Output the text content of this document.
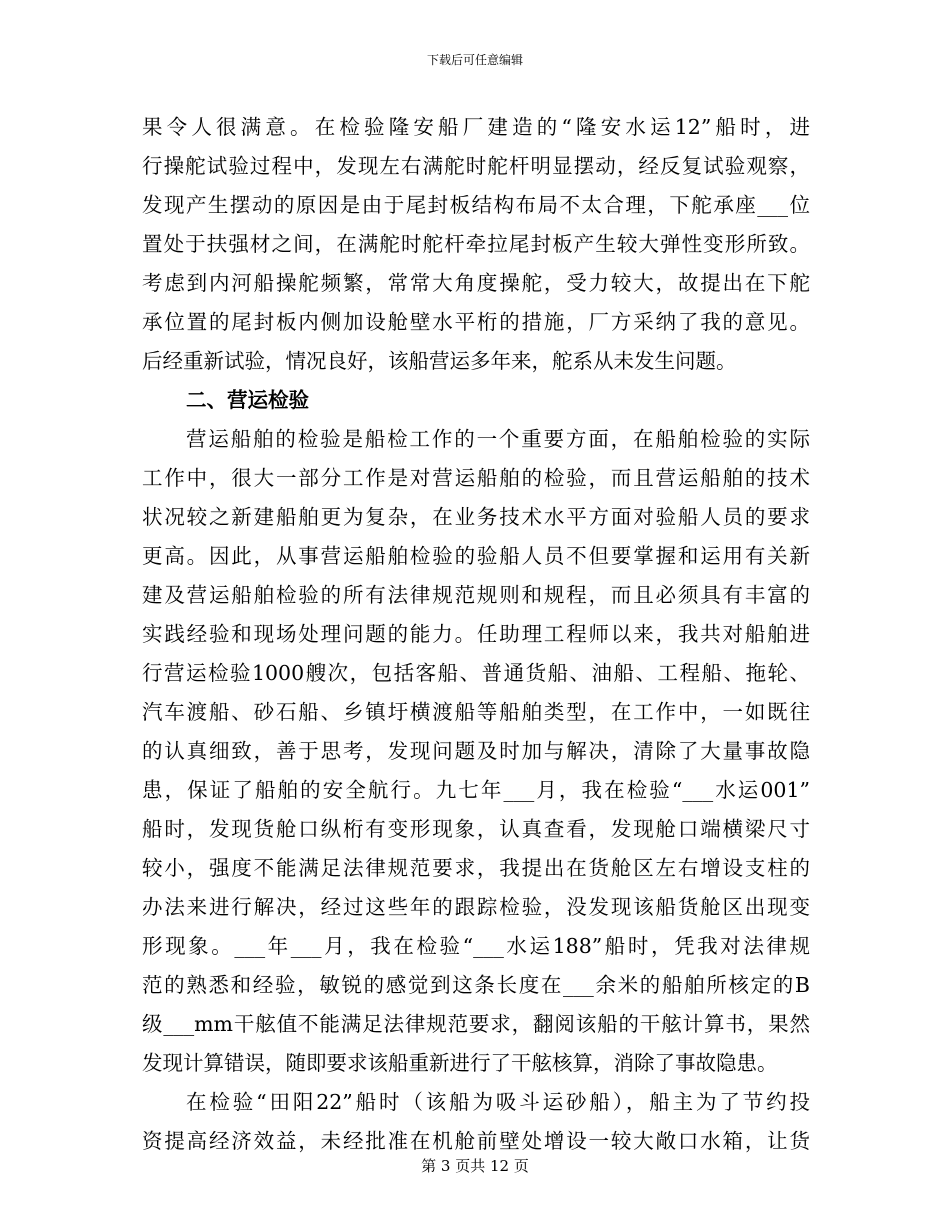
下载后可任意编辑
果令人很满意。在检验隆安船厂建造的“隆安水运12”船时，进
行操舵试验过程中，发现左右满舵时舵杆明显摆动，经反复试验观察，
发现产生摆动的原因是由于尾封板结构布局不太合理，下舵承座___位
置处于扶强材之间，在满舵时舵杆牵拉尾封板产生较大弹性变形所致。
考虑到内河船操舵频繁，常常大角度操舵，受力较大，故提出在下舵
承位置的尾封板内侧加设舱壁水平桁的措施，厂方采纳了我的意见。
后经重新试验，情况良好，该船营运多年来，舵系从未发生问题。
二、营运检验
营运船舶的检验是船检工作的一个重要方面，在船舶检验的实际
工作中，很大一部分工作是对营运船舶的检验，而且营运船舶的技术
状况较之新建船舶更为复杂，在业务技术水平方面对验船人员的要求
更高。因此，从事营运船舶检验的验船人员不但要掌握和运用有关新
建及营运船舶检验的所有法律规范规则和规程，而且必须具有丰富的
实践经验和现场处理问题的能力。任助理工程师以来，我共对船舶进
行营运检验1000艘次，包括客船、普通货船、油船、工程船、拖轮、
汽车渡船、砂石船、乡镇圩横渡船等船舶类型，在工作中，一如既往
的认真细致，善于思考，发现问题及时加与解决，清除了大量事故隐
患，保证了船舶的安全航行。九七年___月，我在检验“___水运001”
船时，发现货舱口纵桁有变形现象，认真查看，发现舱口端横梁尺寸
较小，强度不能满足法律规范要求，我提出在货舱区左右增设支柱的
办法来进行解决，经过这些年的跟踪检验，没发现该船货舱区出现变
形现象。___年___月，我在检验“___水运188”船时，凭我对法律规
范的熟悉和经验，敏锐的感觉到这条长度在___余米的船舶所核定的B
级___mm干舷值不能满足法律规范要求，翻阅该船的干舷计算书，果然
发现计算错误，随即要求该船重新进行了干舷核算，消除了事故隐患。
在检验“田阳22”船时（该船为吸斗运砂船），船主为了节约投
资提高经济效益，未经批准在机舱前壁处增设一较大敞口水箱，让货
第 3 页共 12 页
